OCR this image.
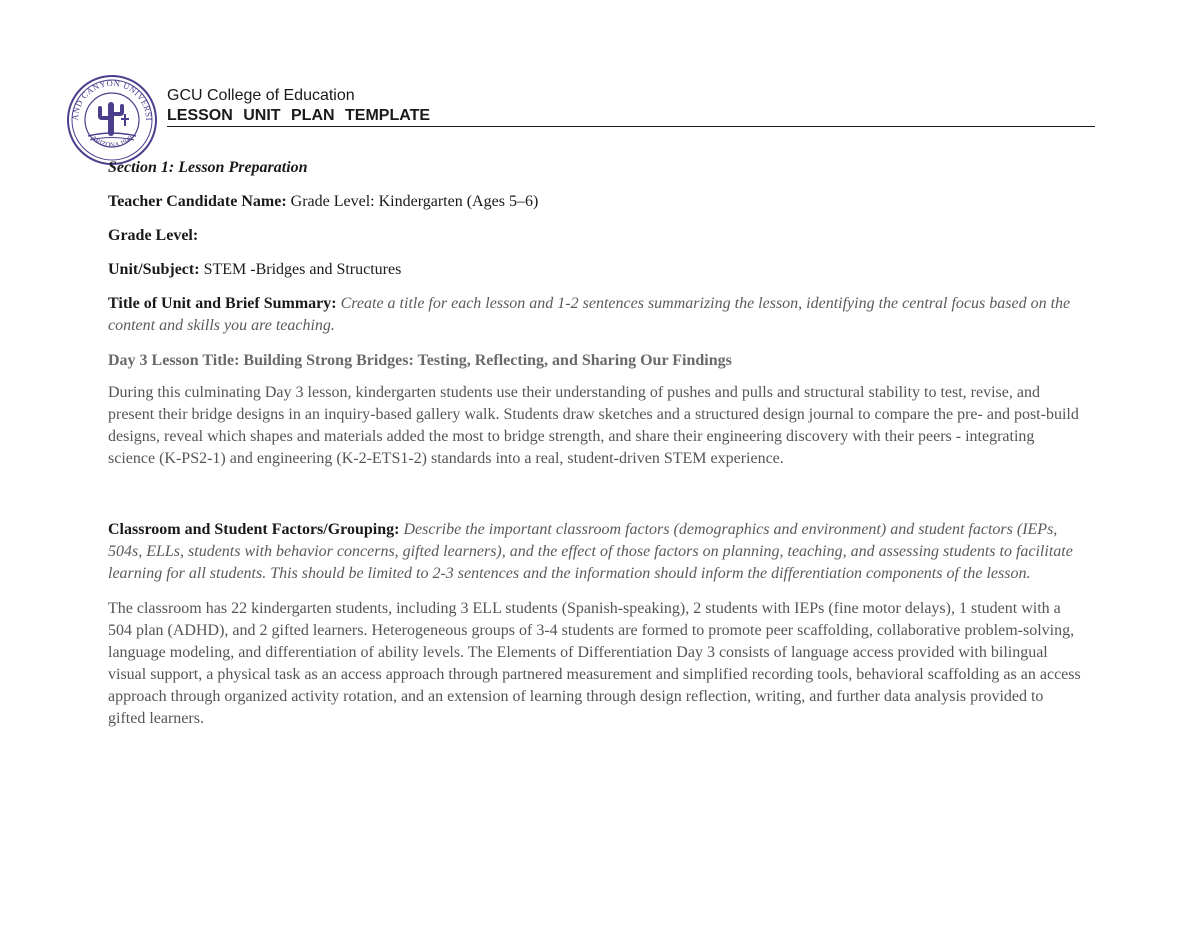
AND CANYON UNIVERSI
ARIZONA 1949
GCU College of Education
LESSON UNIT PLAN TEMPLATE

Section 1: Lesson Preparation

Teacher Candidate Name: Grade Level: Kindergarten (Ages 5–6)

Grade Level:

Unit/Subject: STEM -Bridges and Structures

Title of Unit and Brief Summary: Create a title for each lesson and 1-2 sentences summarizing the lesson, identifying the central focus based on the content and skills you are teaching.

Day 3 Lesson Title: Building Strong Bridges: Testing, Reflecting, and Sharing Our Findings

During this culminating Day 3 lesson, kindergarten students use their understanding of pushes and pulls and structural stability to test, revise, and present their bridge designs in an inquiry-based gallery walk. Students draw sketches and a structured design journal to compare the pre- and post-build designs, reveal which shapes and materials added the most to bridge strength, and share their engineering discovery with their peers - integrating science (K-PS2-1) and engineering (K-2-ETS1-2) standards into a real, student-driven STEM experience.

Classroom and Student Factors/Grouping: Describe the important classroom factors (demographics and environment) and student factors (IEPs,
504s, ELLs, students with behavior concerns, gifted learners), and the effect of those factors on planning, teaching, and assessing students to facilitate learning for all students. This should be limited to 2-3 sentences and the information should inform the differentiation components of the lesson.

The classroom has 22 kindergarten students, including 3 ELL students (Spanish-speaking), 2 students with IEPs (fine motor delays), 1 student with a 504 plan (ADHD), and 2 gifted learners. Heterogeneous groups of 3-4 students are formed to promote peer scaffolding, collaborative problem-solving, language modeling, and differentiation of ability levels. The Elements of Differentiation Day 3 consists of language access provided with bilingual visual support, a physical task as an access approach through partnered measurement and simplified recording tools, behavioral scaffolding as an access approach through organized activity rotation, and an extension of learning through design reflection, writing, and further data analysis provided to gifted learners.
